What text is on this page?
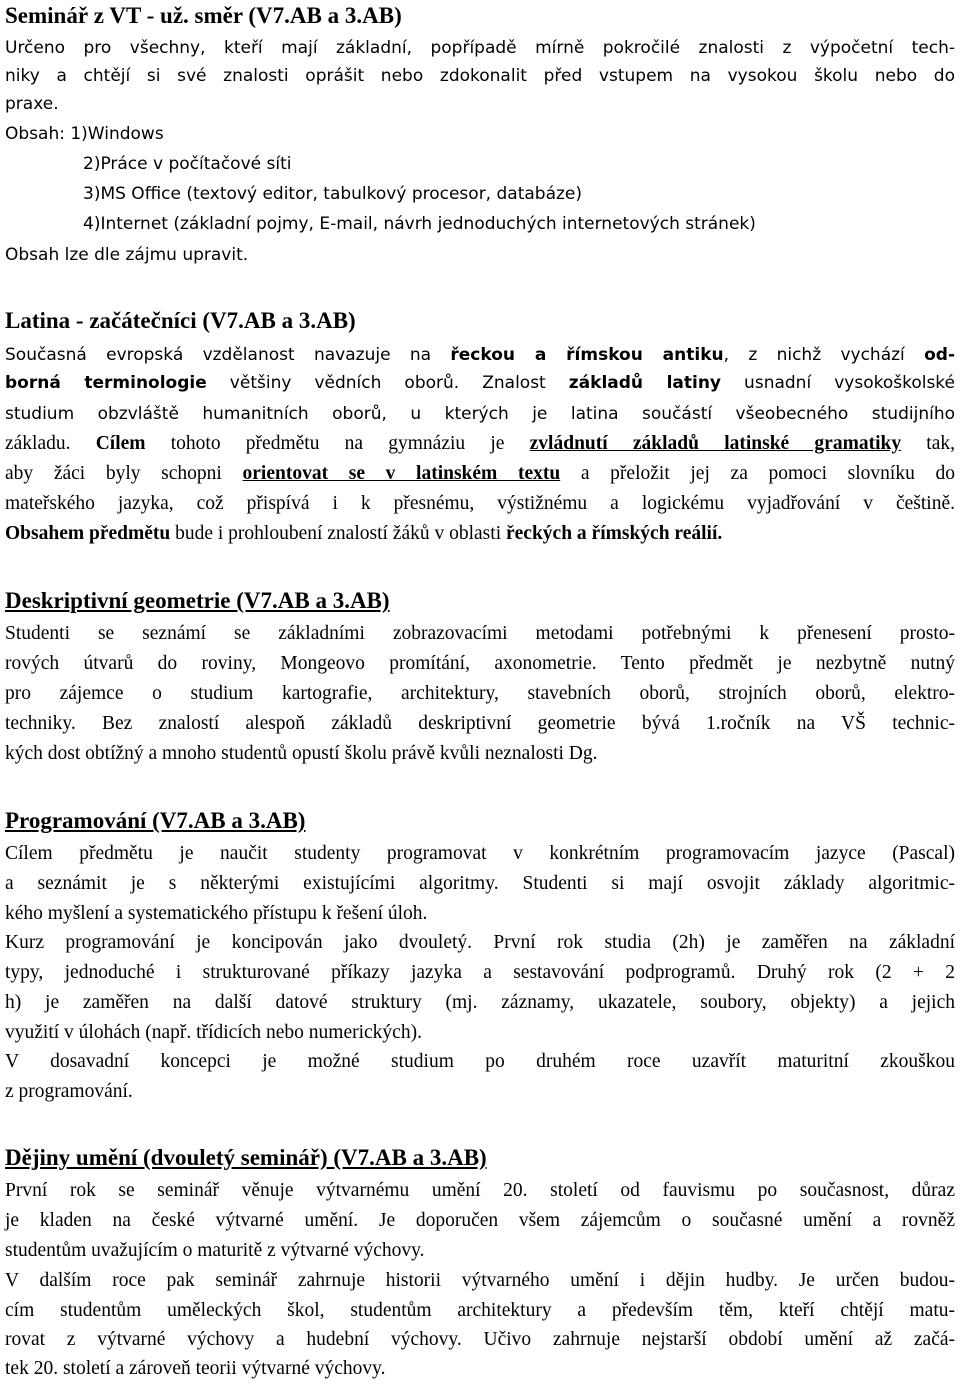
Seminář z VT - už. směr (V7.AB a 3.AB)
Určeno pro všechny, kteří mají základní, popřípadě mírně pokročilé znalosti z výpočetní tech-
niky a chtějí si své znalosti oprášit nebo zdokonalit před vstupem na vysokou školu nebo do
praxe.
Obsah: 1)Windows
2)Práce v počítačové síti
3)MS Office (textový editor, tabulkový procesor, databáze)
4)Internet (základní pojmy, E-mail, návrh jednoduchých internetových stránek)
Obsah lze dle zájmu upravit.
Latina - začátečníci (V7.AB a 3.AB)
Současná evropská vzdělanost navazuje na řeckou a římskou antiku, z nichž vychází od-
borná terminologie většiny vědních oborů. Znalost základů latiny usnadní vysokoškolské
studium obzvláště humanitních oborů, u kterých je latina součástí všeobecného studijního
základu. Cílem tohoto předmětu na gymnáziu je zvládnutí základů latinské gramatiky tak,
aby žáci byly schopni orientovat se v latinském textu a přeložit jej za pomoci slovníku do
mateřského jazyka, což přispívá i k přesnému, výstižnému a logickému vyjadřování v češtině.
Obsahem předmětu bude i prohloubení znalostí žáků v oblasti řeckých a římských reálií.
Deskriptivní geometrie (V7.AB a 3.AB)
Studenti se seznámí se základními zobrazovacími metodami potřebnými k přenesení prosto-
rových útvarů do roviny, Mongeovo promítání, axonometrie. Tento předmět je nezbytně nutný
pro zájemce o studium kartografie, architektury, stavebních oborů, strojních oborů, elektro-
techniky. Bez znalostí alespoň základů deskriptivní geometrie bývá 1.ročník na VŠ technic-
kých dost obtížný a mnoho studentů opustí školu právě kvůli neznalosti Dg.
Programování (V7.AB a 3.AB)
Cílem předmětu je naučit studenty programovat v konkrétním programovacím jazyce (Pascal)
a seznámit je s některými existujícími algoritmy. Studenti si mají osvojit základy algoritmic-
kého myšlení a systematického přístupu k řešení úloh.
Kurz programování je koncipován jako dvouletý. První rok studia (2h) je zaměřen na základní
typy, jednoduché i strukturované příkazy jazyka a sestavování podprogramů. Druhý rok (2 + 2
h) je zaměřen na další datové struktury (mj. záznamy, ukazatele, soubory, objekty) a jejich
využití v úlohách (např. třídicích nebo numerických).
V dosavadní koncepci je možné studium po druhém roce uzavřít maturitní zkouškou
z programování.
Dějiny umění (dvouletý seminář) (V7.AB a 3.AB)
První rok se seminář věnuje výtvarnému umění 20. století od fauvismu po současnost, důraz
je kladen na české výtvarné umění. Je doporučen všem zájemcům o současné umění a rovněž
studentům uvažujícím o maturitě z výtvarné výchovy.
V dalším roce pak seminář zahrnuje historii výtvarného umění i dějin hudby. Je určen budou-
cím studentům uměleckých škol, studentům architektury a především těm, kteří chtějí matu-
rovat z výtvarné výchovy a hudební výchovy. Učivo zahrnuje nejstarší období umění až začá-
tek 20. století a zároveň teorii výtvarné výchovy.
